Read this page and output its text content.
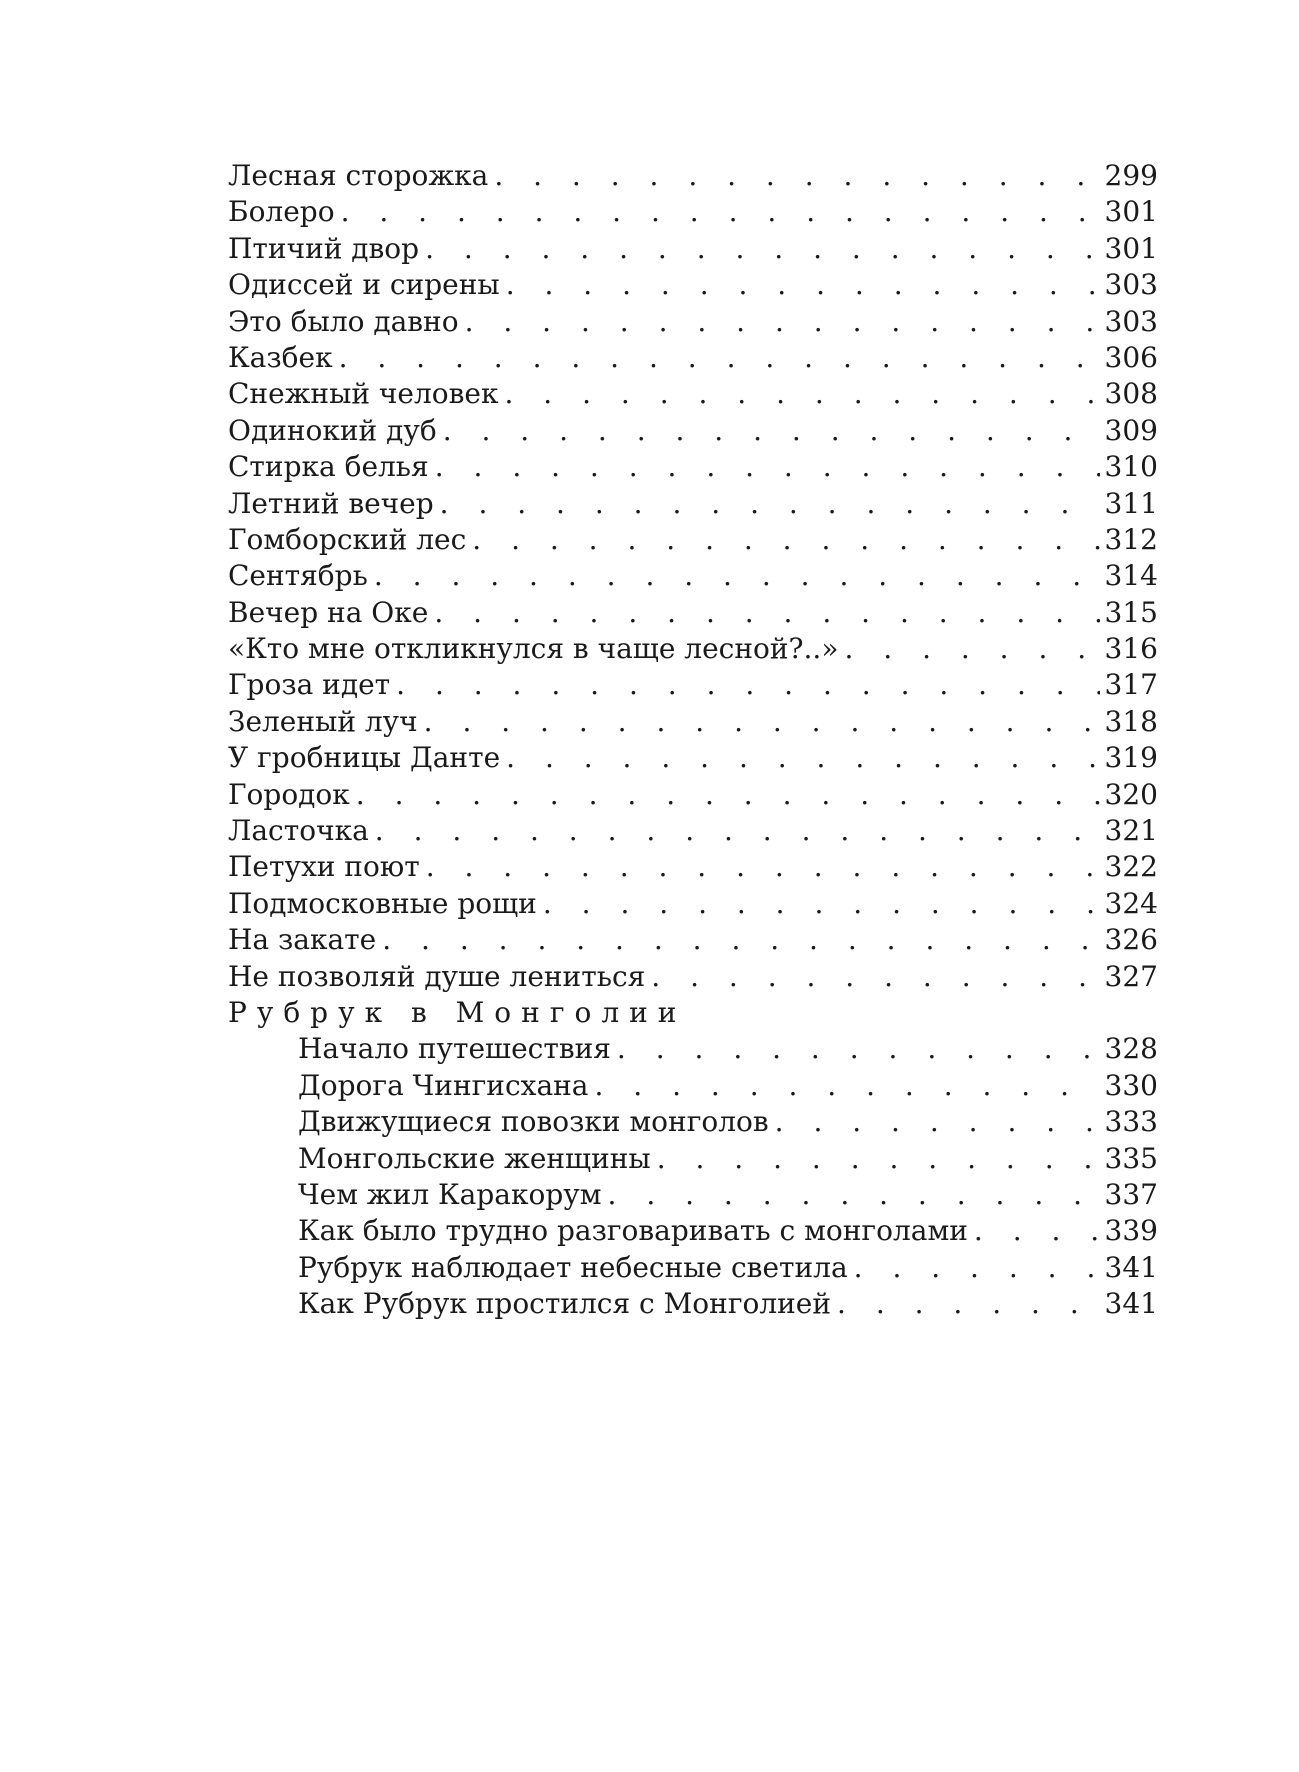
Лесная сторожка . . .	299
Болеро . . .	301
Птичий двор . . .	301
Одиссей и сирены . . .	303
Это было давно . . .	303
Казбек . . .	306
Снежный человек . . .	308
Одинокий дуб . . .	309
Стирка белья . . .	310
Летний вечер . . .	311
Гомборский лес . . .	312
Сентябрь . . .	314
Вечер на Оке . . .	315
«Кто мне откликнулся в чаще лесной?..» . . .	316
Гроза идет . . .	317
Зеленый луч . . .	318
У гробницы Данте . . .	319
Городок . . .	320
Ласточка . . .	321
Петухи поют . . .	322
Подмосковные рощи . . .	324
На закате . . .	326
Не позволяй душе лениться . . .	327
Рубрук в Монголии
Начало путешествия . . .	328
Дорога Чингисхана . . .	330
Движущиеся повозки монголов . . .	333
Монгольские женщины . . .	335
Чем жил Каракорум . . .	337
Как было трудно разговаривать с монголами . . .	339
Рубрук наблюдает небесные светила . . .	341
Как Рубрук простился с Монголией . . .	341
